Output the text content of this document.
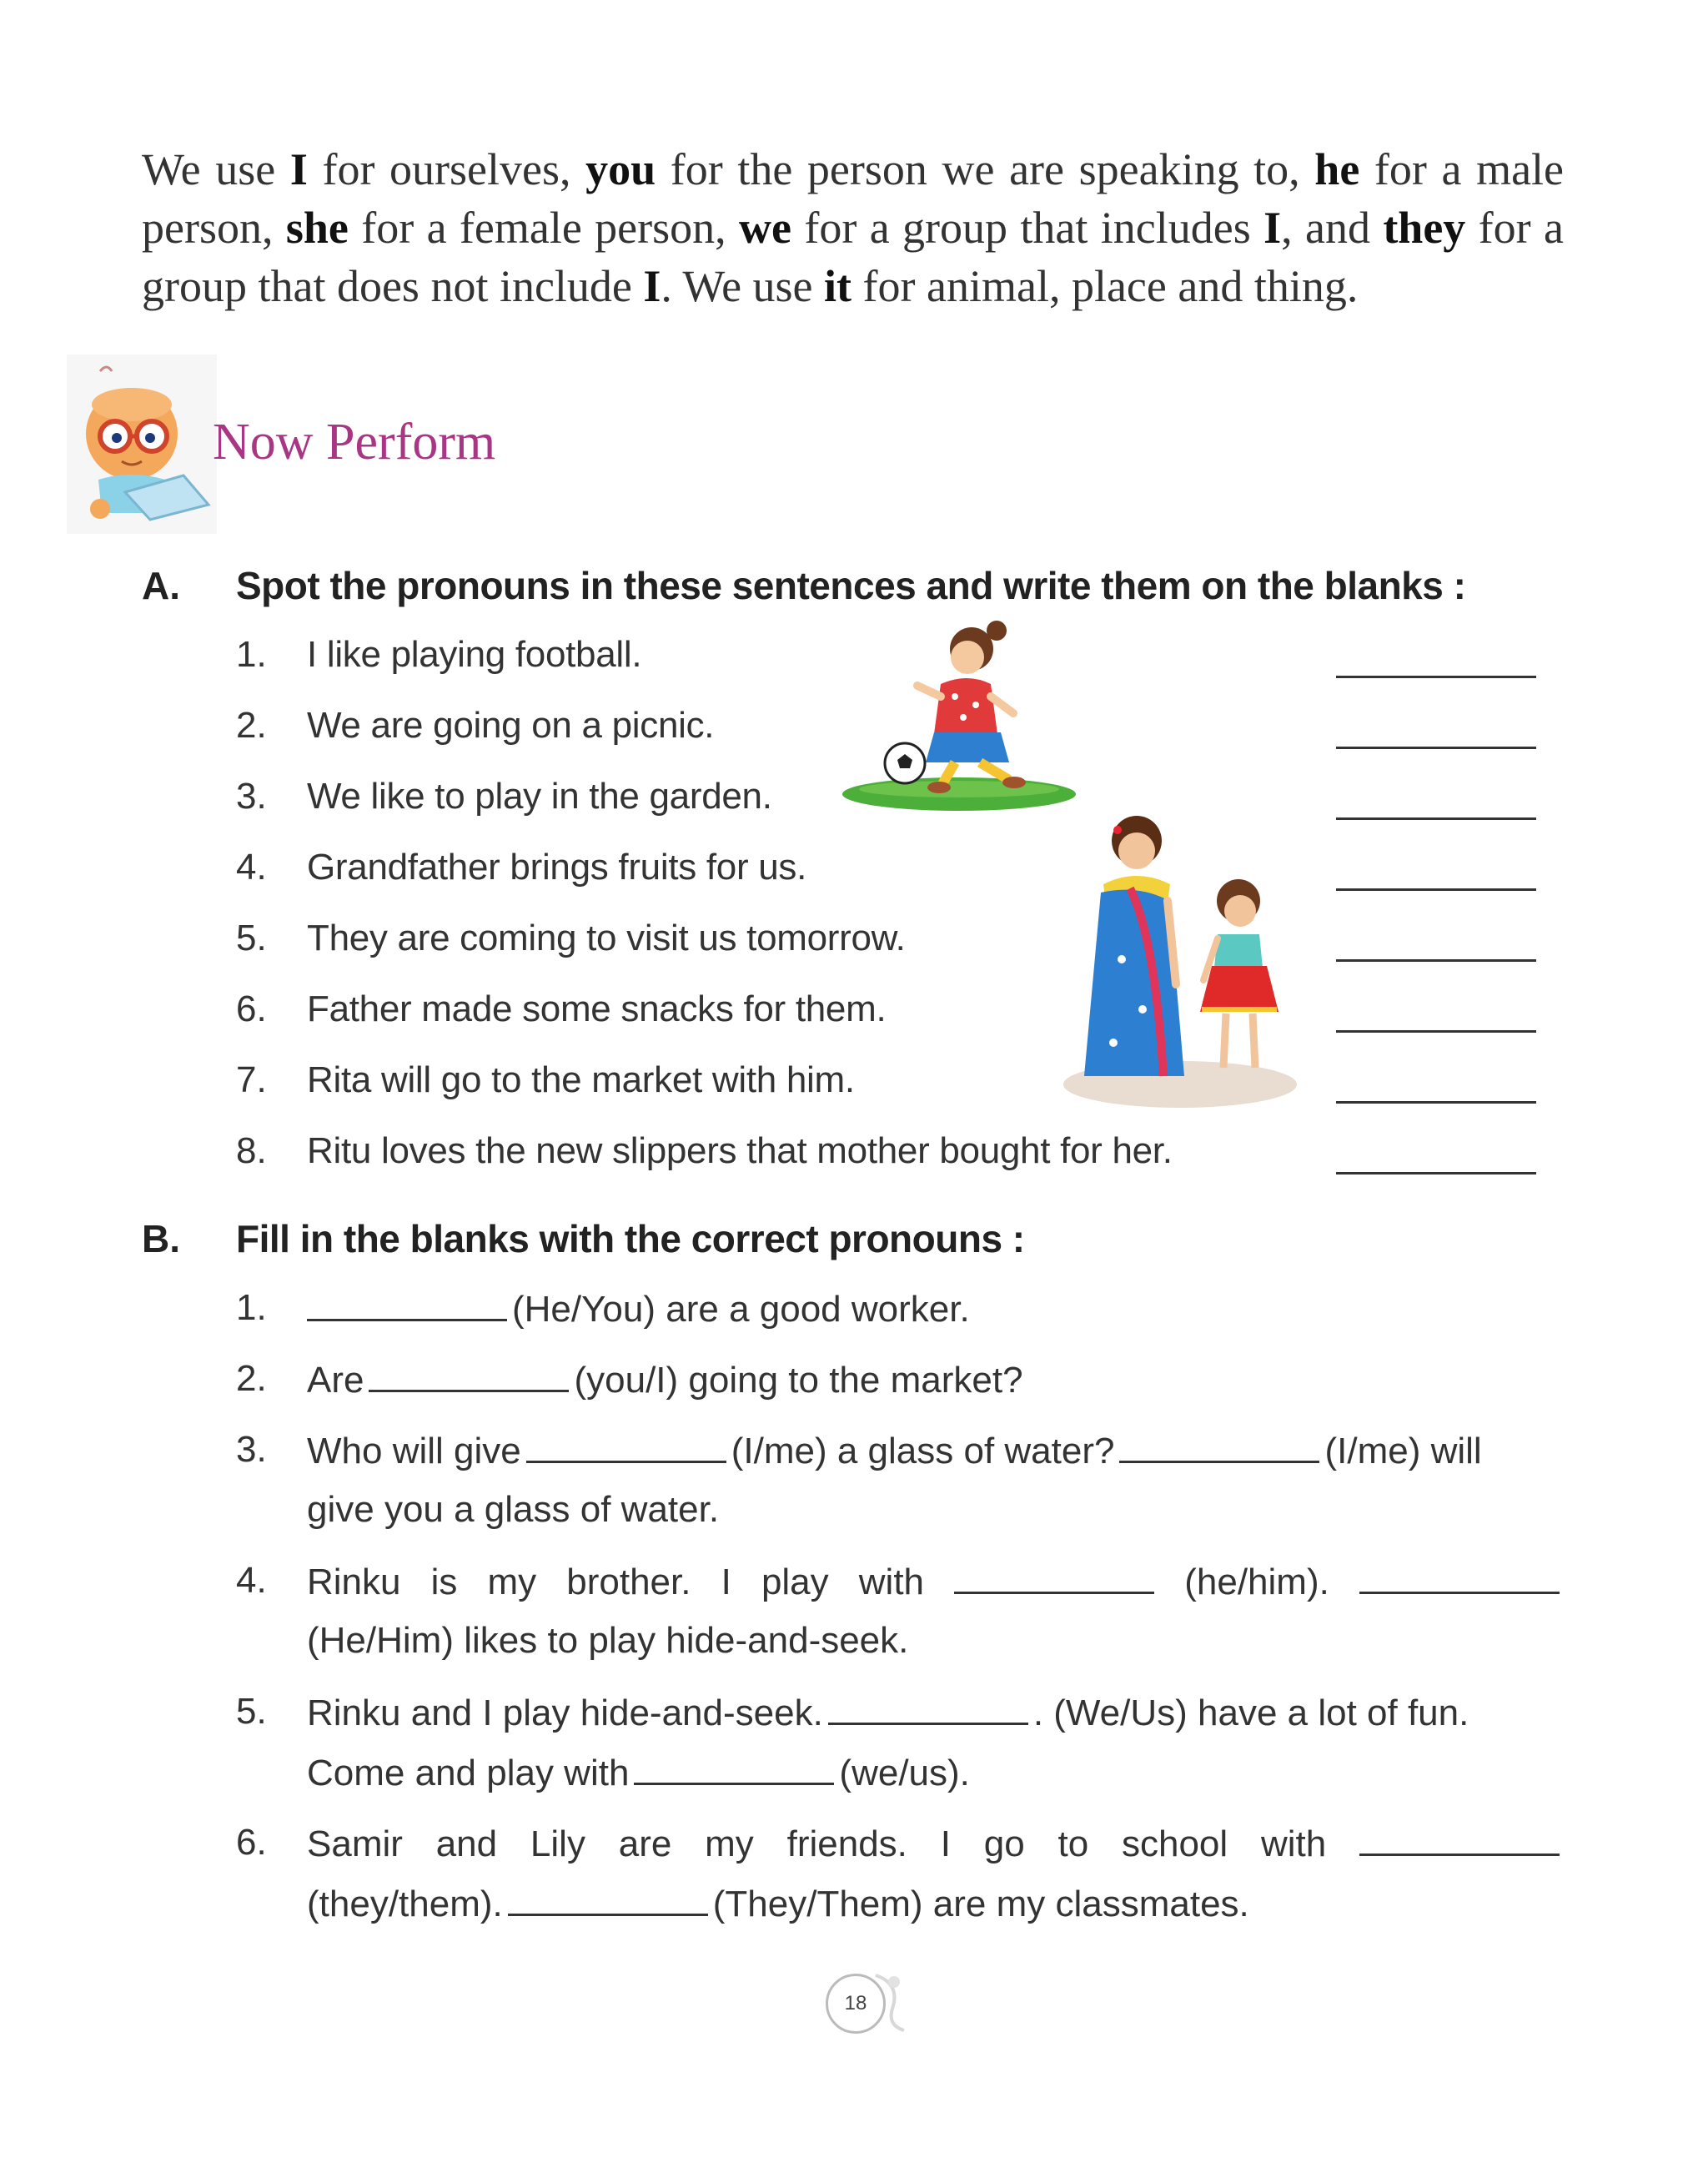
We use I for ourselves, you for the person we are speaking to, he for a male person, she for a female person, we for a group that includes I, and they for a group that does not include I. We use it for animal, place and thing.
Now Perform
A. Spot the pronouns in these sentences and write them on the blanks :
1. I like playing football.
2. We are going on a picnic.
3. We like to play in the garden.
4. Grandfather brings fruits for us.
5. They are coming to visit us tomorrow.
6. Father made some snacks for them.
7. Rita will go to the market with him.
8. Ritu loves the new slippers that mother bought for her.
B. Fill in the blanks with the correct pronouns :
1.	(He/You) are a good worker.
2. Are	(you/I) going to the market?
3. Who will give	(I/me) a glass of water?	(I/me) will
give you a glass of water.
4. Rinku is my brother. I play with	(he/him).
(He/Him) likes to play hide-and-seek.
5. Rinku and I play hide-and-seek.	. (We/Us) have a lot of fun.
Come and play with	(we/us).
6. Samir and Lily are my friends. I go to school with
(they/them).	(They/Them) are my classmates.
18
